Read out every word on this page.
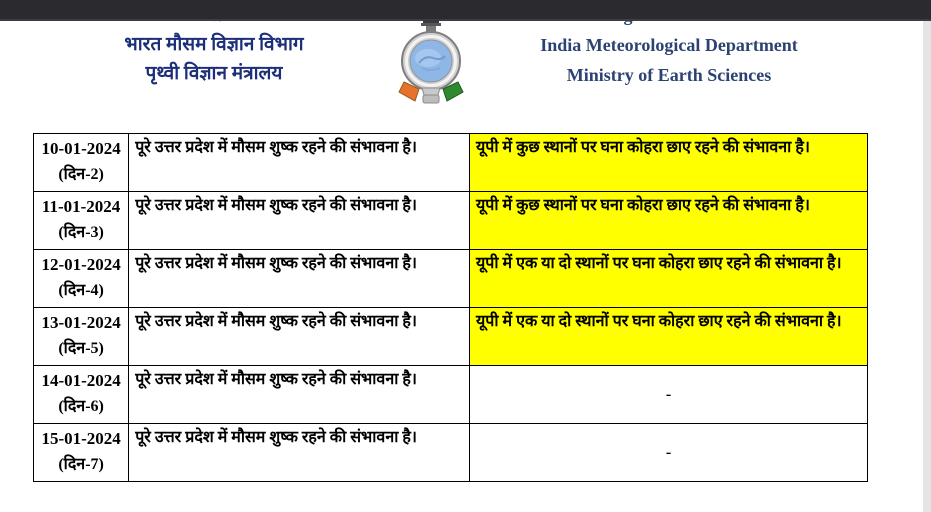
भारत मौसम विज्ञान विभाग
पृथ्वी विज्ञान मंत्रालय
India Meteorological Department
Ministry of Earth Sciences
10-01-2024
(दिन-2)	पूरे उत्तर प्रदेश में मौसम शुष्क रहने की संभावना है।	यूपी में कुछ स्थानों पर घना कोहरा छाए रहने की संभावना है।

11-01-2024
(दिन-3)	पूरे उत्तर प्रदेश में मौसम शुष्क रहने की संभावना है।	यूपी में कुछ स्थानों पर घना कोहरा छाए रहने की संभावना है।

12-01-2024
(दिन-4)	पूरे उत्तर प्रदेश में मौसम शुष्क रहने की संभावना है।	यूपी में एक या दो स्थानों पर घना कोहरा छाए रहने की संभावना है।

13-01-2024
(दिन-5)	पूरे उत्तर प्रदेश में मौसम शुष्क रहने की संभावना है।	यूपी में एक या दो स्थानों पर घना कोहरा छाए रहने की संभावना है।

14-01-2024
(दिन-6)	पूरे उत्तर प्रदेश में मौसम शुष्क रहने की संभावना है।	-

15-01-2024
(दिन-7)	पूरे उत्तर प्रदेश में मौसम शुष्क रहने की संभावना है।	-
